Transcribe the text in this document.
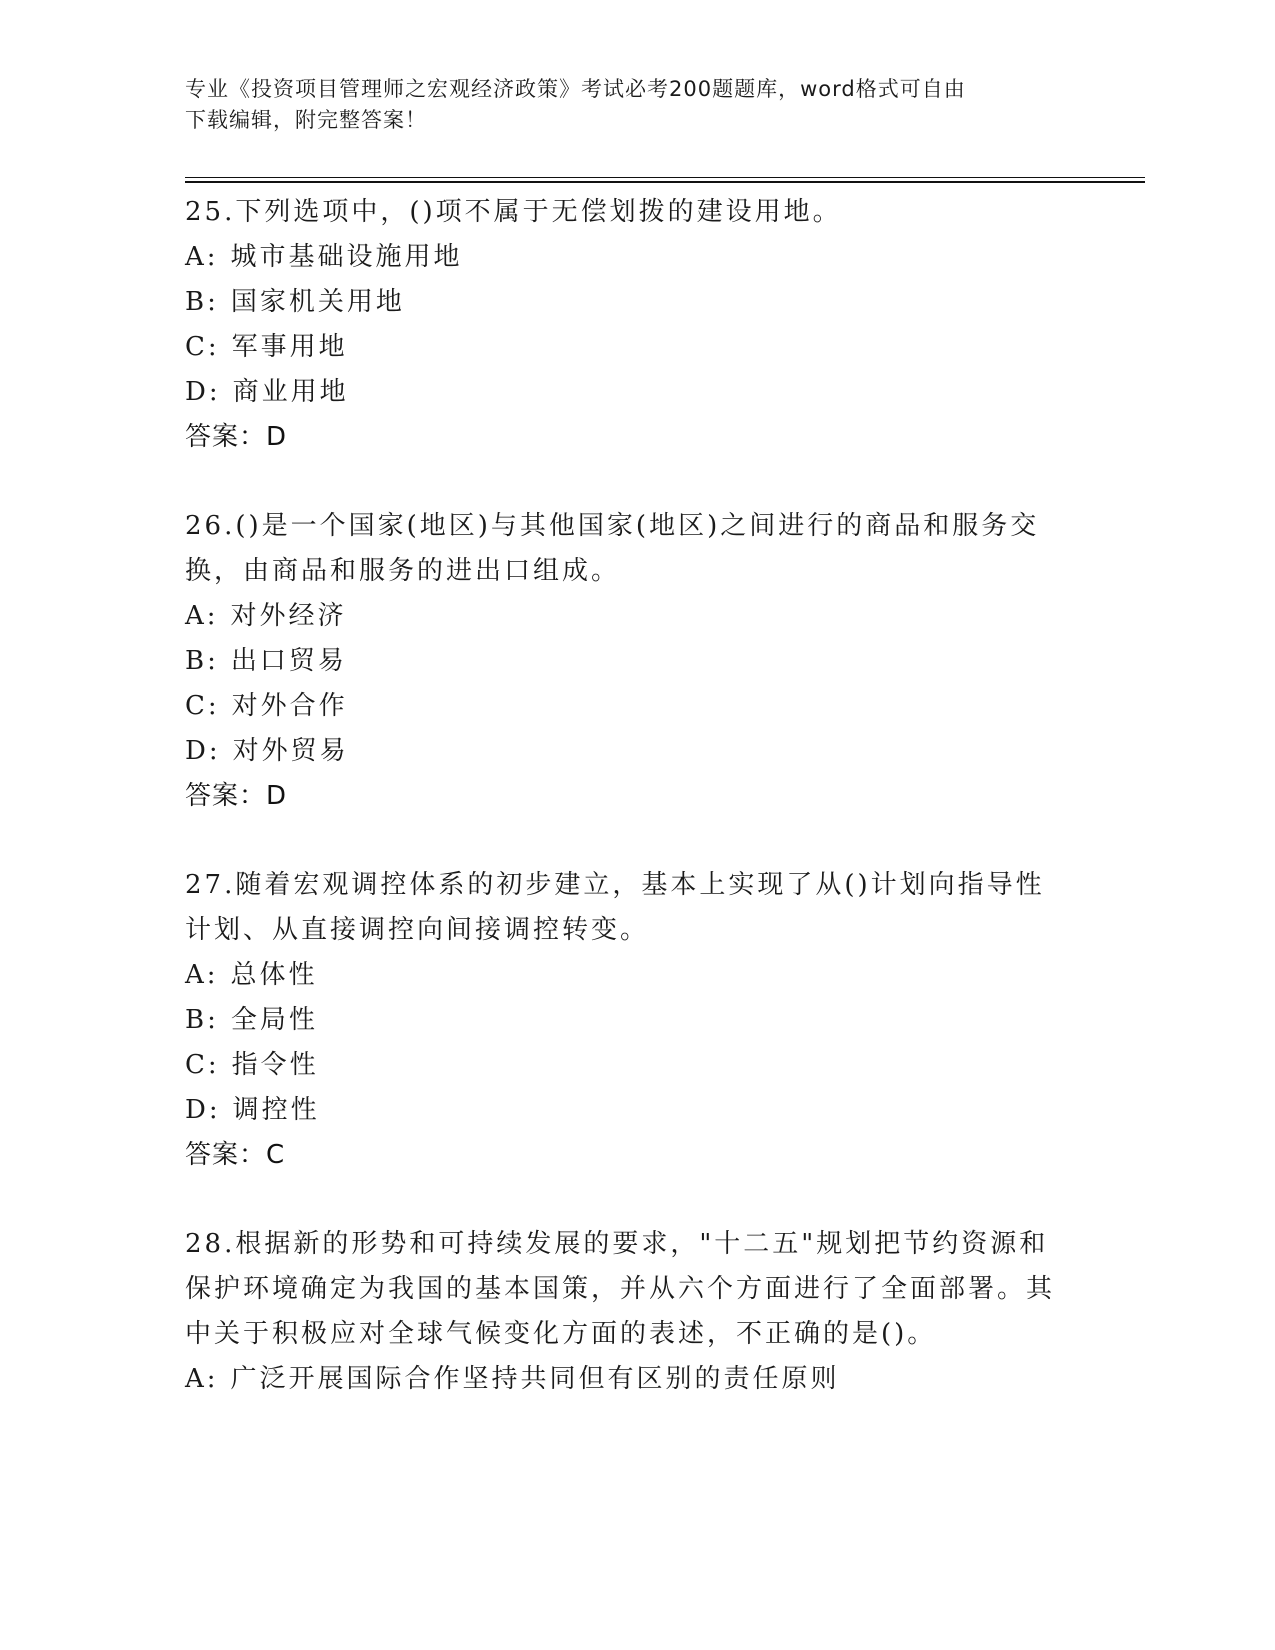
专业《投资项目管理师之宏观经济政策》考试必考200题题库，word格式可自由
下载编辑，附完整答案！
25.下列选项中，()项不属于无偿划拨的建设用地。
A: 城市基础设施用地
B: 国家机关用地
C: 军事用地
D: 商业用地
答案：D
26.()是一个国家(地区)与其他国家(地区)之间进行的商品和服务交换，由商品和服务的进出口组成。
A: 对外经济
B: 出口贸易
C: 对外合作
D: 对外贸易
答案：D
27.随着宏观调控体系的初步建立，基本上实现了从()计划向指导性计划、从直接调控向间接调控转变。
A: 总体性
B: 全局性
C: 指令性
D: 调控性
答案：C
28.根据新的形势和可持续发展的要求，"十二五"规划把节约资源和保护环境确定为我国的基本国策，并从六个方面进行了全面部署。其中关于积极应对全球气候变化方面的表述，不正确的是()。
A: 广泛开展国际合作坚持共同但有区别的责任原则
